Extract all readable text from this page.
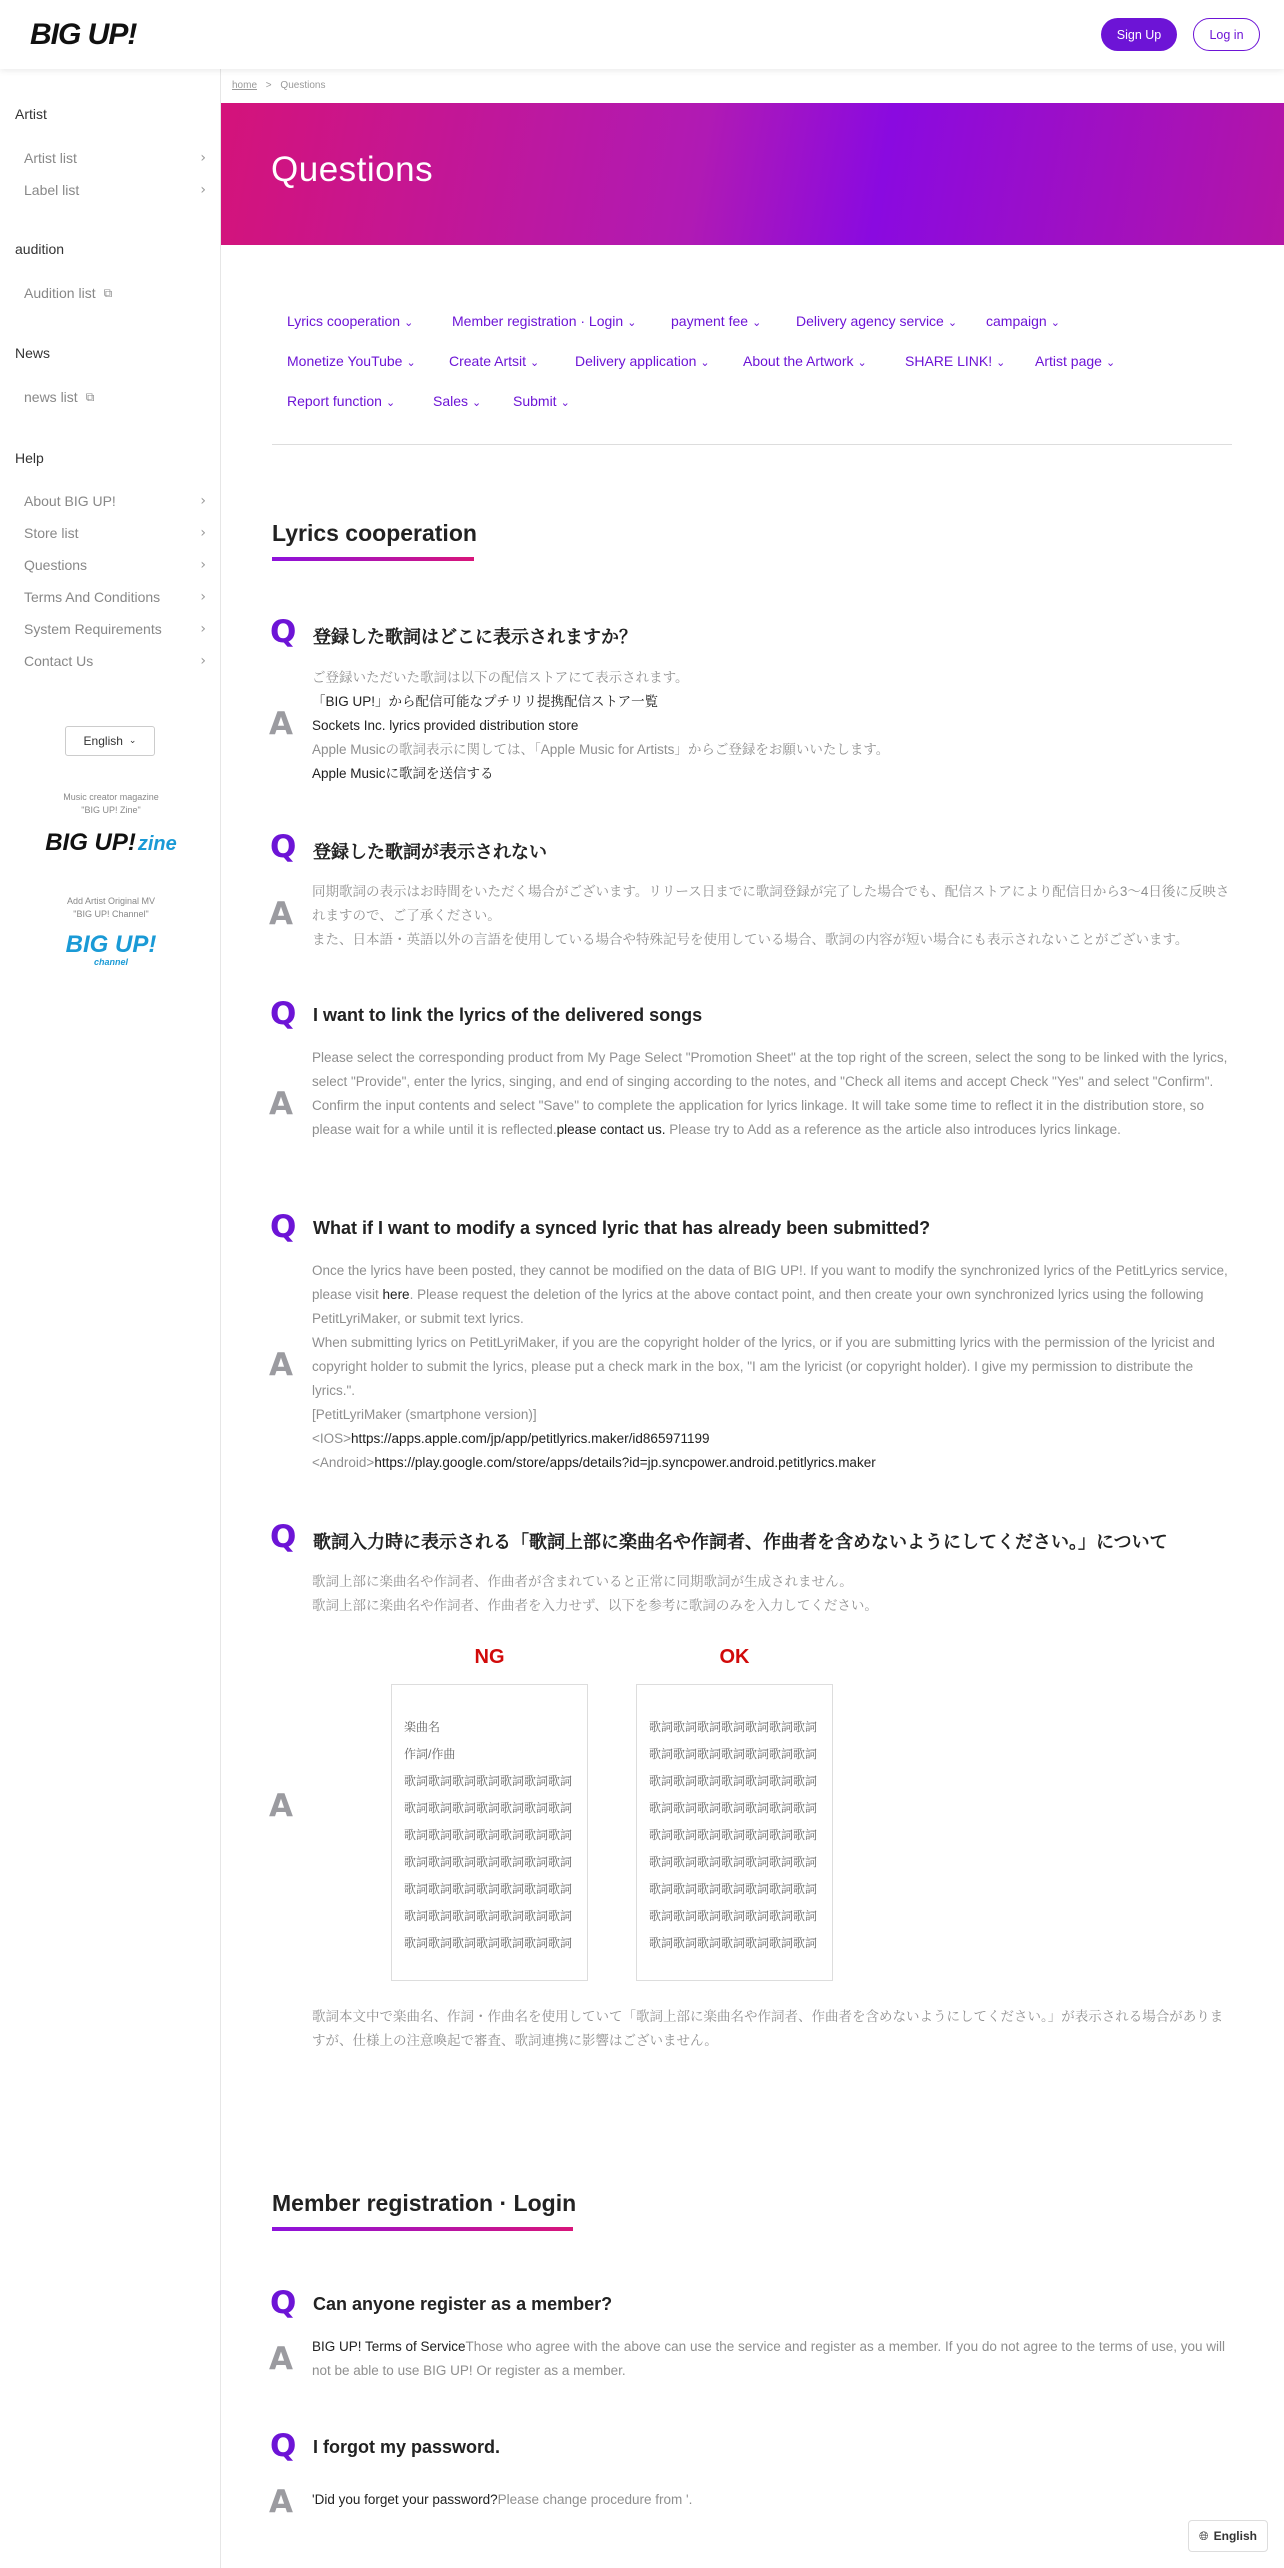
BIG UP!	Sign Up	Log in
Artist
Artist list	›
Label list	›
audition
Audition list ⧉
News
news list ⧉
Help
About BIG UP!	›
Store list	›
Questions	›
Terms And Conditions	›
System Requirements	›
Contact Us	›
English ⌄
Music creator magazine
"BIG UP! Zine"
BIG UP! zine
Add Artist Original MV
"BIG UP! Channel"
BIG UP!
channel
home > Questions
Questions
Lyrics cooperation ⌄	Member registration · Login ⌄ payment fee ⌄ Delivery agency service ⌄ campaign ⌄
Monetize YouTube ⌄ Create Artsit ⌄	Delivery application ⌄ About the Artwork ⌄	SHARE LINK! ⌄ Artist page ⌄
Report function ⌄	Sales ⌄ Submit ⌄
Lyrics cooperation
Q 登録した歌詞はどこに表示されますか？
A
ご登録いただいた歌詞は以下の配信ストアにて表示されます。
「BIG UP!」から配信可能なプチリリ提携配信ストア一覧
Sockets Inc. lyrics provided distribution store
Apple Musicの歌詞表示に関しては、「Apple Music for Artists」からご登録をお願いいたします。
Apple Musicに歌詞を送信する
Q 登録した歌詞が表示されない
A
同期歌詞の表示はお時間をいただく場合がございます。リリース日までに歌詞登録が完了した場合でも、配信ストアにより配信日から3〜4日後に反映されますので、ご了承ください。
また、日本語・英語以外の言語を使用している場合や特殊記号を使用している場合、歌詞の内容が短い場合にも表示されないことがございます。
Q I want to link the lyrics of the delivered songs
A
Please select the corresponding product from My Page Select "Promotion Sheet" at the top right of the screen, select the song to be linked with the lyrics, select "Provide", enter the lyrics, singing, and end of singing according to the notes, and "Check all items and accept Check "Yes" and select "Confirm". Confirm the input contents and select "Save" to complete the application for lyrics linkage. It will take some time to reflect it in the distribution store, so please wait for a while until it is reflected.please contact us. Please try to Add as a reference as the article also introduces lyrics linkage.
Q What if I want to modify a synced lyric that has already been submitted?
A
Once the lyrics have been posted, they cannot be modified on the data of BIG UP!. If you want to modify the synchronized lyrics of the PetitLyrics service, please visit here. Please request the deletion of the lyrics at the above contact point, and then create your own synchronized lyrics using the following PetitLyriMaker, or submit text lyrics.
When submitting lyrics on PetitLyriMaker, if you are the copyright holder of the lyrics, or if you are submitting lyrics with the permission of the lyricist and copyright holder to submit the lyrics, please put a check mark in the box, "I am the lyricist (or copyright holder). I give my permission to distribute the lyrics.".
[PetitLyriMaker (smartphone version)]
<IOS>https://apps.apple.com/jp/app/petitlyrics.maker/id865971199
<Android>https://play.google.com/store/apps/details?id=jp.syncpower.android.petitlyrics.maker
Q 歌詞入力時に表示される「歌詞上部に楽曲名や作詞者、作曲者を含めないようにしてください。」について
歌詞上部に楽曲名や作詞者、作曲者が含まれていると正常に同期歌詞が生成されません。
歌詞上部に楽曲名や作詞者、作曲者を入力せず、以下を参考に歌詞のみを入力してください。
A
NG	OK
楽曲名
作詞/作曲
歌詞歌詞歌詞歌詞歌詞歌詞歌詞
歌詞歌詞歌詞歌詞歌詞歌詞歌詞
歌詞歌詞歌詞歌詞歌詞歌詞歌詞
歌詞歌詞歌詞歌詞歌詞歌詞歌詞
歌詞歌詞歌詞歌詞歌詞歌詞歌詞
歌詞歌詞歌詞歌詞歌詞歌詞歌詞
歌詞歌詞歌詞歌詞歌詞歌詞歌詞
歌詞歌詞歌詞歌詞歌詞歌詞歌詞
歌詞歌詞歌詞歌詞歌詞歌詞歌詞
歌詞歌詞歌詞歌詞歌詞歌詞歌詞
歌詞歌詞歌詞歌詞歌詞歌詞歌詞
歌詞歌詞歌詞歌詞歌詞歌詞歌詞
歌詞歌詞歌詞歌詞歌詞歌詞歌詞
歌詞歌詞歌詞歌詞歌詞歌詞歌詞
歌詞歌詞歌詞歌詞歌詞歌詞歌詞
歌詞歌詞歌詞歌詞歌詞歌詞歌詞
歌詞本文中で楽曲名、作詞・作曲名を使用していて「歌詞上部に楽曲名や作詞者、作曲者を含めないようにしてください。」が表示される場合がありますが、仕様上の注意喚起で審査、歌詞連携に影響はございません。
Member registration · Login
Q Can anyone register as a member?
A BIG UP! Terms of ServiceThose who agree with the above can use the service and register as a member. If you do not agree to the terms of use, you will not be able to use BIG UP! Or register as a member.
Q I forgot my password.
A 'Did you forget your password?Please change procedure from '.
🌐︎ English
